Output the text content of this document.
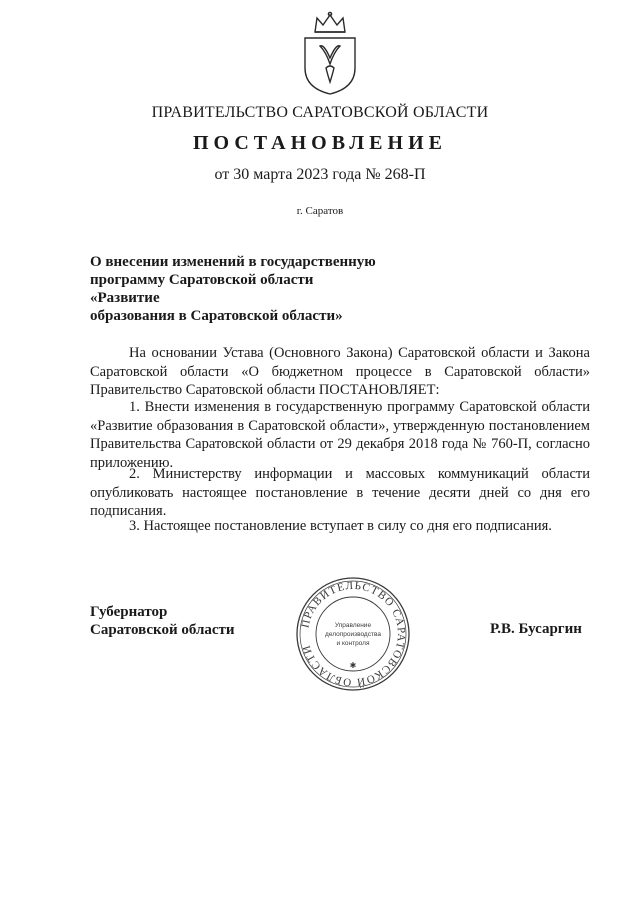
ПРАВИТЕЛЬСТВО САРАТОВСКОЙ ОБЛАСТИ
ПОСТАНОВЛЕНИЕ
от 30 марта 2023 года № 268-П
г. Саратов
О внесении изменений в государственную
программу Саратовской области «Развитие
образования в Саратовской области»
На основании Устава (Основного Закона) Саратовской области и Закона Саратовской области «О бюджетном процессе в Саратовской области» Правительство Саратовской области ПОСТАНОВЛЯЕТ:
1. Внести изменения в государственную программу Саратовской области «Развитие образования в Саратовской области», утвержденную постановлением Правительства Саратовской области от 29 декабря 2018 года № 760-П, согласно приложению.
2. Министерству информации и массовых коммуникаций области опубликовать настоящее постановление в течение десяти дней со дня его подписания.
3. Настоящее постановление вступает в силу со дня его подписания.
Губернатор
Саратовской области	Р.В. Бусаргин
ПРАВИТЕЛЬСТВО САРАТОВСКОЙ ОБЛАСТИ
Управление
делопроизводства
и контроля
✱
